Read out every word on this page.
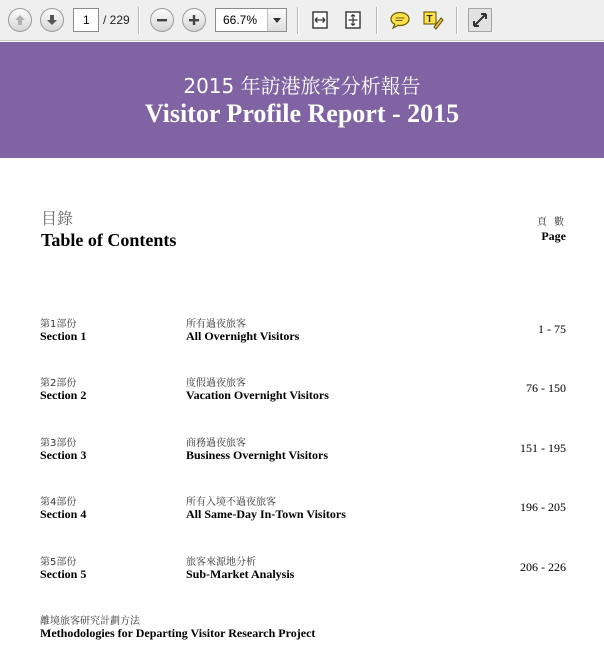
1	/ 229	66.7%	T
2015 年訪港旅客分析報告
Visitor Profile Report - 2015
目錄
Table of Contents
頁 數
Page
第1部份
Section 1
所有過夜旅客
All Overnight Visitors	1 - 75
第2部份
Section 2
度假過夜旅客
Vacation Overnight Visitors	76 - 150
第3部份
Section 3
商務過夜旅客
Business Overnight Visitors	151 - 195
第4部份
Section 4
所有入境不過夜旅客
All Same-Day In-Town Visitors	196 - 205
第5部份
Section 5
旅客來源地分析
Sub-Market Analysis	206 - 226
離境旅客研究計劃方法
Methodologies for Departing Visitor Research Project
